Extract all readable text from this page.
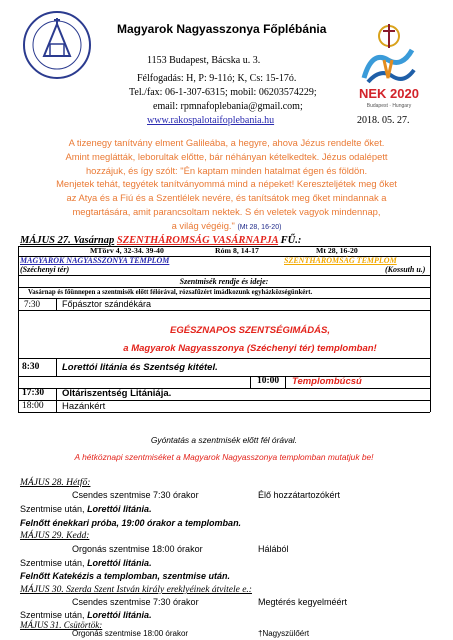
Magyarok Nagyasszonya Főplébánia
1153 Budapest, Bácska u. 3.
Félfogadás: H, P: 9-11ó; K, Cs: 15-17ó.
Tel./fax: 06-1-307-6315; mobil: 06203574229;
email: rpmnafoplebania@gmail.com;
www.rakospalotaifoplebania.hu
NEK 2020
Budapest · Hungary
2018. 05. 27.
A tizenegy tanítvány elment Galileába, a hegyre, ahova Jézus rendelte őket.
Amint meglátták, leborultak előtte, bár néhányan kételkedtek. Jézus odalépett
hozzájuk, és így szólt: "Én kaptam minden hatalmat égen és földön.
Menjetek tehát, tegyétek tanítványommá mind a népeket! Kereszteljétek meg őket
az Atya és a Fiú és a Szentlélek nevére, és tanítsátok meg őket mindannak a
megtartására, amit parancsoltam nektek. S én veletek vagyok mindennap,
a világ végéig." (Mt 28, 16-20)
MÁJUS 27. Vasárnap SZENTHÁROMSÁG VASÁRNAPJA FŰ.:
MTörv 4, 32-34. 39-40	Róm 8, 14-17	Mt 28, 16-20
MAGYAROK NAGYASSZONYA TEMPLOM	SZENTHÁROMSÁG TEMPLOM
(Széchenyi tér)	(Kossuth u.)
Szentmisék rendje és ideje:
Vasárnap és főünnepen a szentmisék előtt félórával, rózsafűzért imádkozunk egyházközségünkért.
7:30 Főpásztor szándékára
EGÉSZNAPOS SZENTSÉGIMÁDÁS,
a Magyarok Nagyasszonya (Széchenyi tér) templomban!
8:30 Lorettói litánia és Szentség kitétel.
10:00 Templombúcsú
17:30 Oltáriszentség Litániája.
18:00 Hazánkért
Gyóntatás a szentmisék előtt fél órával.
A hétköznapi szentmiséket a Magyarok Nagyasszonya templomban mutatjuk be!
MÁJUS 28. Hétfő:
Csendes szentmise 7:30 órakor	Élő hozzátartozókért
Szentmise után, Lorettói litánia.
Felnőtt énekkari próba, 19:00 órakor a templomban.
MÁJUS 29. Kedd:
Orgonás szentmise 18:00 órakor	Hálából
Szentmise után, Lorettói litánia.
Felnőtt Katekézis a templomban, szentmise után.
MÁJUS 30. Szerda Szent István király ereklyéinek átvitele e.:
Csendes szentmise 7:30 órakor	Megtérés kegyelméért
Szentmise után, Lorettói litánia.
MÁJUS 31. Csütörtök:
Orgonás szentmise 18:00 órakor	†Nagyszülőért
